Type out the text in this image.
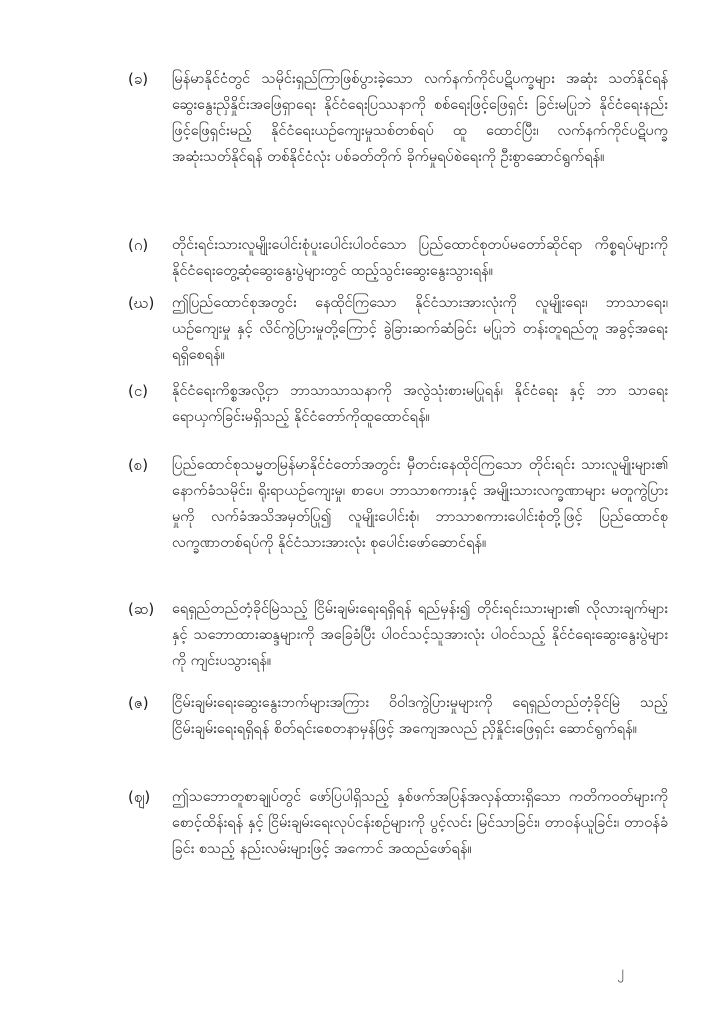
(ခ)	မြန်မာနိုင်ငံတွင် သမိုင်းရှည်ကြာဖြစ်ပွားခဲ့သော လက်နက်ကိုင်ပဋိပက္ခများ အဆုံး သတ်နိုင်ရန် ဆွေးနွေးညှိနှိုင်းအဖြေရှာရေး နိုင်ငံရေးပြဿနာကို စစ်ရေးဖြင့်ဖြေရှင်း ခြင်းမပြုဘဲ နိုင်ငံရေးနည်းဖြင့်ဖြေရှင်းမည့် နိုင်ငံရေးယဉ်ကျေးမှုသစ်တစ်ရပ် ထူ ထောင်ပြီး၊ လက်နက်ကိုင်ပဋိပက္ခအဆုံးသတ်နိုင်ရန် တစ်နိုင်ငံလုံး ပစ်ခတ်တိုက် ခိုက်မှုရပ်စဲရေးကို ဦးစွာဆောင်ရွက်ရန်။
(ဂ)	တိုင်းရင်းသားလူမျိုးပေါင်းစုံပူးပေါင်းပါဝင်သော ပြည်ထောင်စုတပ်မတော်ဆိုင်ရာ ကိစ္စရပ်များကို နိုင်ငံရေးတွေ့ဆုံဆွေးနွေးပွဲများတွင် ထည့်သွင်းဆွေးနွေးသွားရန်။
(ဃ)	ဤပြည်ထောင်စုအတွင်း နေထိုင်ကြသော နိုင်ငံသားအားလုံးကို လူမျိုးရေး၊ ဘာသာရေး၊ ယဉ်ကျေးမှု နှင့် လိင်ကွဲပြားမှုတို့ကြောင့် ခွဲခြားဆက်ဆံခြင်း မပြုဘဲ တန်းတူရည်တူ အခွင့်အရေးရရှိစေရန်။
(င)	နိုင်ငံရေးကိစ္စအလို့ငှာ ဘာသာသာသနာကို အလွဲသုံးစားမပြုရန်၊ နိုင်ငံရေး နှင့် ဘာ သာရေး ရောယှက်ခြင်းမရှိသည့် နိုင်ငံတော်ကိုထူထောင်ရန်။
(စ)	ပြည်ထောင်စုသမ္မတမြန်မာနိုင်ငံတော်အတွင်း မှီတင်းနေထိုင်ကြသော တိုင်းရင်း သားလူမျိုးများ၏ နောက်ခံသမိုင်း၊ ရိုးရာယဉ်ကျေးမှု၊ စာပေ၊ ဘာသာစကားနှင့် အမျိုးသားလက္ခဏာများ မတူကွဲပြားမှုကို လက်ခံအသိအမှတ်ပြု၍ လူမျိုးပေါင်းစုံ၊ ဘာသာစကားပေါင်းစုံတို့ဖြင့် ပြည်ထောင်စုလက္ခဏာတစ်ရပ်ကို နိုင်ငံသားအားလုံး စုပေါင်းဖော်ဆောင်ရန်။
(ဆ)	ရေရှည်တည်တံ့ခိုင်မြဲသည့် ငြိမ်းချမ်းရေးရရှိရန် ရည်မှန်း၍ တိုင်းရင်းသားများ၏ လိုလားချက်များ နှင့် သဘောထားဆန္ဒများကို အခြေခံပြီး ပါဝင်သင့်သူအားလုံး ပါဝင်သည့် နိုင်ငံရေးဆွေးနွေးပွဲများကို ကျင်းပသွားရန်။
(ဇ)	ငြိမ်းချမ်းရေးဆွေးနွေးဘက်များအကြား ဝိဝါဒကွဲပြားမှုများကို ရေရှည်တည်တံ့ခိုင်မြဲ သည့် ငြိမ်းချမ်းရေးရရှိရန် စိတ်ရင်းစေတနာမှန်ဖြင့် အကျေအလည် ညှိနှိုင်းဖြေရှင်း ဆောင်ရွက်ရန်။
(ဈ)	ဤသဘောတူစာချုပ်တွင် ဖော်ပြပါရှိသည့် နှစ်ဖက်အပြန်အလှန်ထားရှိသော ကတိကဝတ်များကို စောင့်ထိန်းရန် နှင့် ငြိမ်းချမ်းရေးလုပ်ငန်းစဉ်များကို ပွင့်လင်း မြင်သာခြင်း၊ တာဝန်ယူခြင်း၊ တာဝန်ခံခြင်း စသည့် နည်းလမ်းများဖြင့် အကောင် အထည်ဖော်ရန်။
၂
